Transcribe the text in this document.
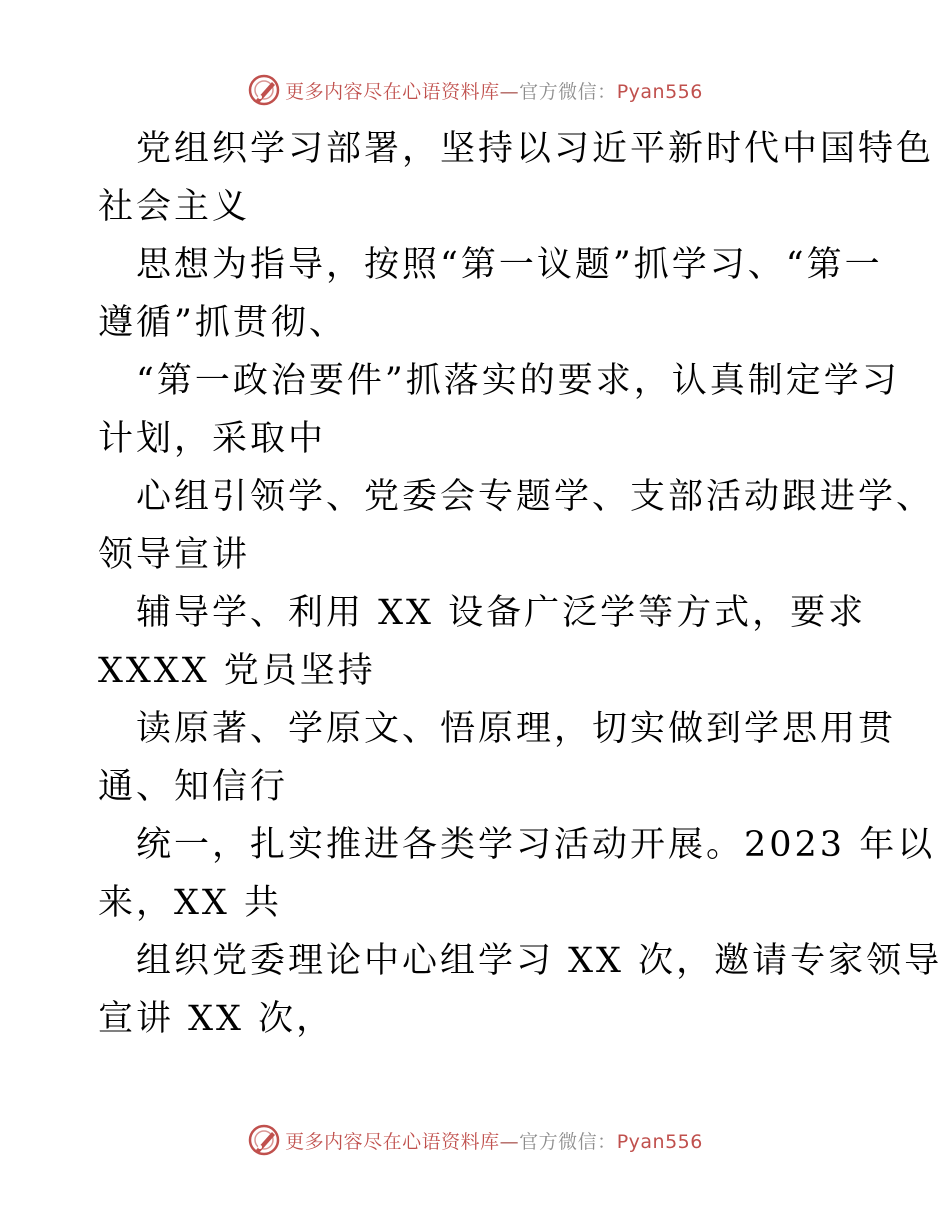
更多内容尽在心语资料库—官方微信：Pyan556
党组织学习部署，坚持以习近平新时代中国特色
社会主义
思想为指导，按照“第一议题”抓学习、“第一
遵循”抓贯彻、
“第一政治要件”抓落实的要求，认真制定学习
计划，采取中
心组引领学、党委会专题学、支部活动跟进学、
领导宣讲
辅导学、利用 XX 设备广泛学等方式，要求
XXXX 党员坚持
读原著、学原文、悟原理，切实做到学思用贯
通、知信行
统一，扎实推进各类学习活动开展。2023 年以
来，XX 共
组织党委理论中心组学习 XX 次，邀请专家领导
宣讲 XX 次，
更多内容尽在心语资料库—官方微信：Pyan556
